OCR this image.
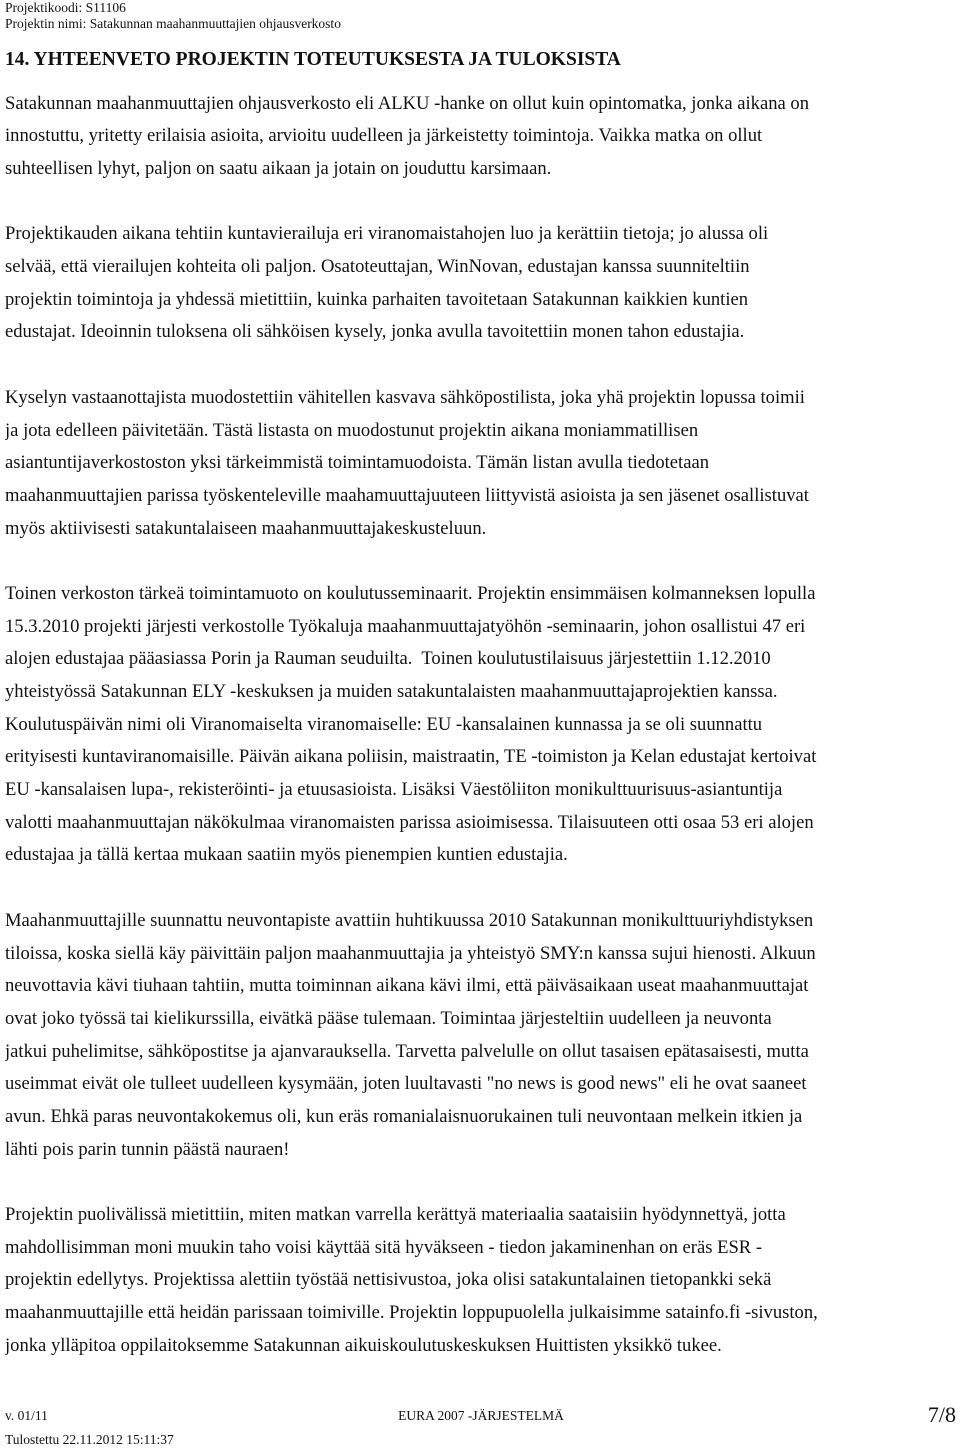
Projektikoodi: S11106
Projektin nimi: Satakunnan maahanmuuttajien ohjausverkosto
14. YHTEENVETO PROJEKTIN TOTEUTUKSESTA JA TULOKSISTA
Satakunnan maahanmuuttajien ohjausverkosto eli ALKU -hanke on ollut kuin opintomatka, jonka aikana on
innostuttu, yritetty erilaisia asioita, arvioitu uudelleen ja järkeistetty toimintoja. Vaikka matka on ollut
suhteellisen lyhyt, paljon on saatu aikaan ja jotain on jouduttu karsimaan.
Projektikauden aikana tehtiin kuntavierailuja eri viranomaistahojen luo ja kerättiin tietoja; jo alussa oli
selvää, että vierailujen kohteita oli paljon. Osatoteuttajan, WinNovan, edustajan kanssa suunniteltiin
projektin toimintoja ja yhdessä mietittiin, kuinka parhaiten tavoitetaan Satakunnan kaikkien kuntien
edustajat. Ideoinnin tuloksena oli sähköisen kysely, jonka avulla tavoitettiin monen tahon edustajia.
Kyselyn vastaanottajista muodostettiin vähitellen kasvava sähköpostilista, joka yhä projektin lopussa toimii
ja jota edelleen päivitetään. Tästä listasta on muodostunut projektin aikana moniammatillisen
asiantuntijaverkostoston yksi tärkeimmistä toimintamuodoista. Tämän listan avulla tiedotetaan
maahanmuuttajien parissa työskenteleville maahamuuttajuuteen liittyvistä asioista ja sen jäsenet osallistuvat
myös aktiivisesti satakuntalaiseen maahanmuuttajakeskusteluun.
Toinen verkoston tärkeä toimintamuoto on koulutusseminaarit. Projektin ensimmäisen kolmanneksen lopulla
15.3.2010 projekti järjesti verkostolle Työkaluja maahanmuuttajatyöhön -seminaarin, johon osallistui 47 eri
alojen edustajaa pääasiassa Porin ja Rauman seuduilta.  Toinen koulutustilaisuus järjestettiin 1.12.2010
yhteistyössä Satakunnan ELY -keskuksen ja muiden satakuntalaisten maahanmuuttajaprojektien kanssa.
Koulutuspäivän nimi oli Viranomaiselta viranomaiselle: EU -kansalainen kunnassa ja se oli suunnattu
erityisesti kuntaviranomaisille. Päivän aikana poliisin, maistraatin, TE -toimiston ja Kelan edustajat kertoivat
EU -kansalaisen lupa-, rekisteröinti- ja etuusasioista. Lisäksi Väestöliiton monikulttuurisuus-asiantuntija
valotti maahanmuuttajan näkökulmaa viranomaisten parissa asioimisessa. Tilaisuuteen otti osaa 53 eri alojen
edustajaa ja tällä kertaa mukaan saatiin myös pienempien kuntien edustajia.
Maahanmuuttajille suunnattu neuvontapiste avattiin huhtikuussa 2010 Satakunnan monikulttuuriyhdistyksen
tiloissa, koska siellä käy päivittäin paljon maahanmuuttajia ja yhteistyö SMY:n kanssa sujui hienosti. Alkuun
neuvottavia kävi tiuhaan tahtiin, mutta toiminnan aikana kävi ilmi, että päiväsaikaan useat maahanmuuttajat
ovat joko työssä tai kielikurssilla, eivätkä pääse tulemaan. Toimintaa järjesteltiin uudelleen ja neuvonta
jatkui puhelimitse, sähköpostitse ja ajanvarauksella. Tarvetta palvelulle on ollut tasaisen epätasaisesti, mutta
useimmat eivät ole tulleet uudelleen kysymään, joten luultavasti "no news is good news" eli he ovat saaneet
avun. Ehkä paras neuvontakokemus oli, kun eräs romanialaisnuorukainen tuli neuvontaan melkein itkien ja
lähti pois parin tunnin päästä nauraen!
Projektin puolivälissä mietittiin, miten matkan varrella kerättyä materiaalia saataisiin hyödynnettyä, jotta
mahdollisimman moni muukin taho voisi käyttää sitä hyväkseen - tiedon jakaminenhan on eräs ESR -
projektin edellytys. Projektissa alettiin työstää nettisivustoa, joka olisi satakuntalainen tietopankki sekä
maahanmuuttajille että heidän parissaan toimiville. Projektin loppupuolella julkaisimme satainfo.fi -sivuston,
jonka ylläpitoa oppilaitoksemme Satakunnan aikuiskoulutuskeskuksen Huittisten yksikkö tukee.
v. 01/11	EURA 2007 -JÄRJESTELMÄ	7/8
Tulostettu 22.11.2012 15:11:37
